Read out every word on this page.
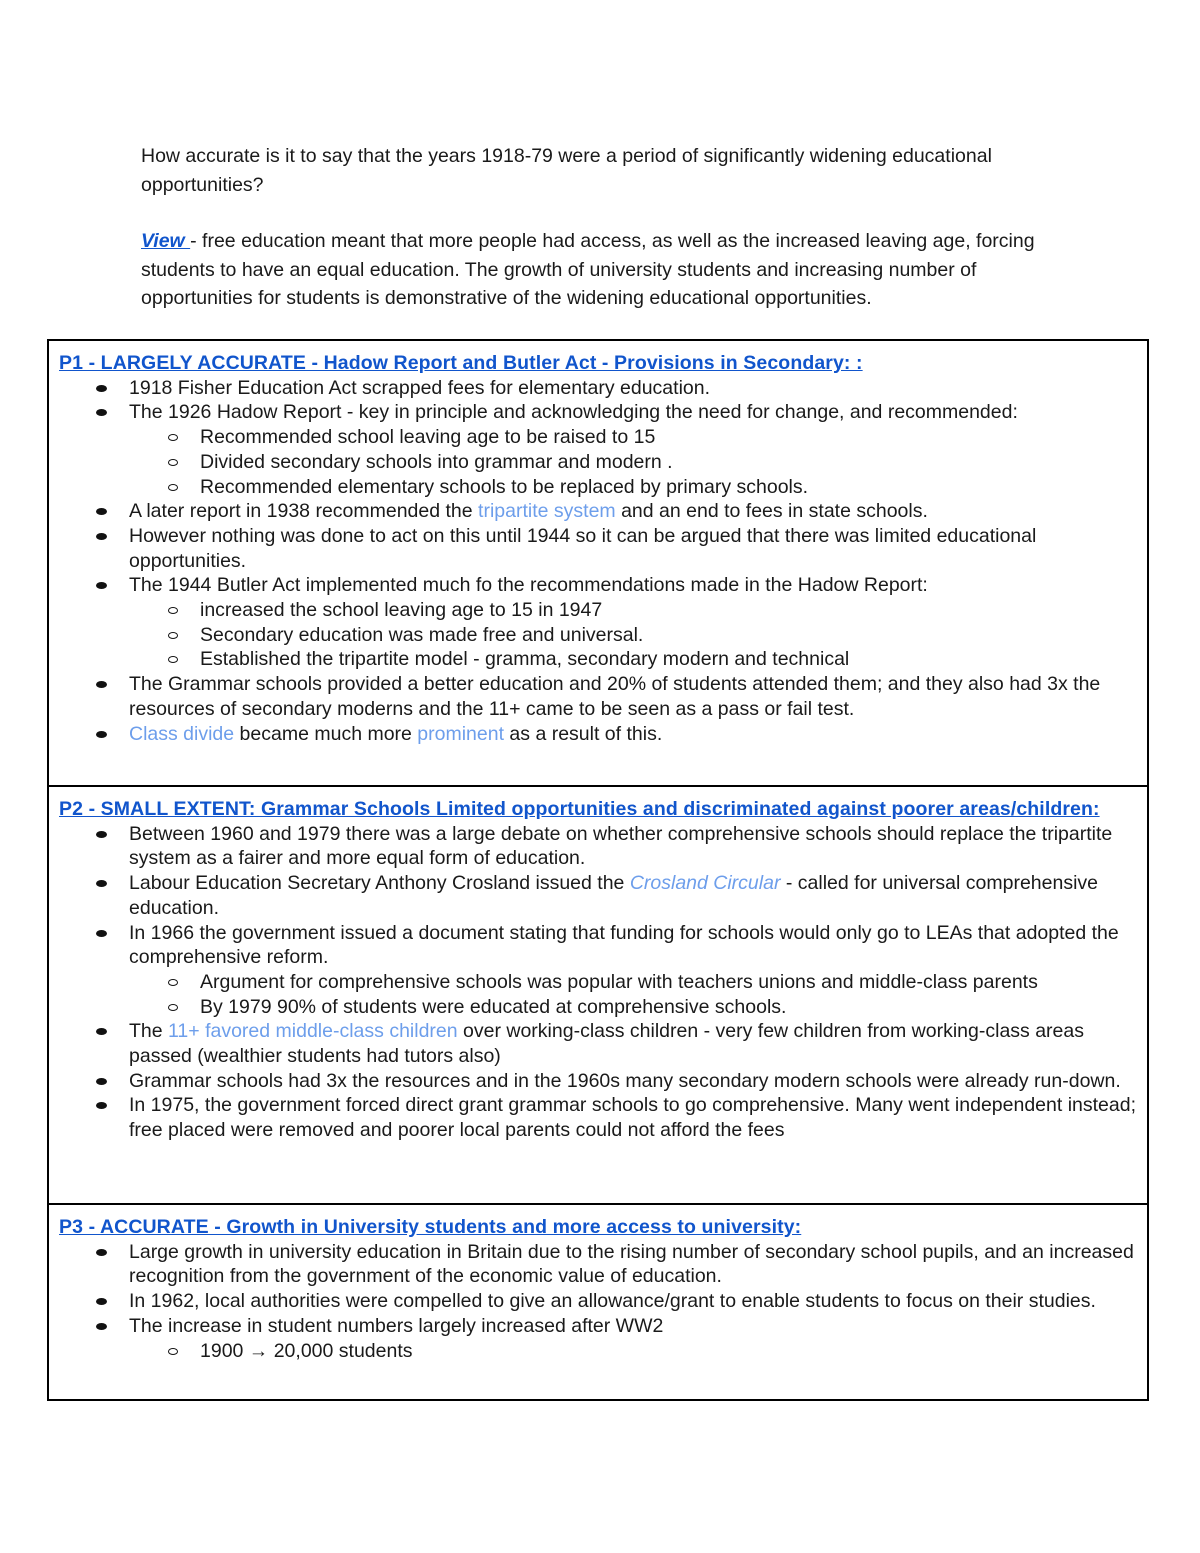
How accurate is it to say that the years 1918-79 were a period of significantly widening educational opportunities?

View - free education meant that more people had access, as well as the increased leaving age, forcing students to have an equal education. The growth of university students and increasing number of opportunities for students is demonstrative of the widening educational opportunities.

P1 - LARGELY ACCURATE - Hadow Report and Butler Act - Provisions in Secondary: :

1918 Fisher Education Act scrapped fees for elementary education.
The 1926 Hadow Report - key in principle and acknowledging the need for change, and recommended:
Recommended school leaving age to be raised to 15
Divided secondary schools into grammar and modern .
Recommended elementary schools to be replaced by primary schools.
A later report in 1938 recommended the tripartite system and an end to fees in state schools.
However nothing was done to act on this until 1944 so it can be argued that there was limited educational opportunities.
The 1944 Butler Act implemented much fo the recommendations made in the Hadow Report:
increased the school leaving age to 15 in 1947
Secondary education was made free and universal.
Established the tripartite model - gramma, secondary modern and technical
The Grammar schools provided a better education and 20% of students attended them; and they also had 3x the resources of secondary moderns and the 11+ came to be seen as a pass or fail test.
Class divide became much more prominent as a result of this.

P2 - SMALL EXTENT: Grammar Schools Limited opportunities and discriminated against poorer areas/children:

Between 1960 and 1979 there was a large debate on whether comprehensive schools should replace the tripartite system as a fairer and more equal form of education.
Labour Education Secretary Anthony Crosland issued the Crosland Circular - called for universal comprehensive education.
In 1966 the government issued a document stating that funding for schools would only go to LEAs that adopted the comprehensive reform.
Argument for comprehensive schools was popular with teachers unions and middle-class parents
By 1979 90% of students were educated at comprehensive schools.
The 11+ favored middle-class children over working-class children - very few children from working-class areas passed (wealthier students had tutors also)
Grammar schools had 3x the resources and in the 1960s many secondary modern schools were already run-down.
In 1975, the government forced direct grant grammar schools to go comprehensive. Many went independent instead; free placed were removed and poorer local parents could not afford the fees

P3 - ACCURATE - Growth in University students and more access to university:

Large growth in university education in Britain due to the rising number of secondary school pupils, and an increased recognition from the government of the economic value of education.
In 1962, local authorities were compelled to give an allowance/grant to enable students to focus on their studies.
The increase in student numbers largely increased after WW2
1900 → 20,000 students
